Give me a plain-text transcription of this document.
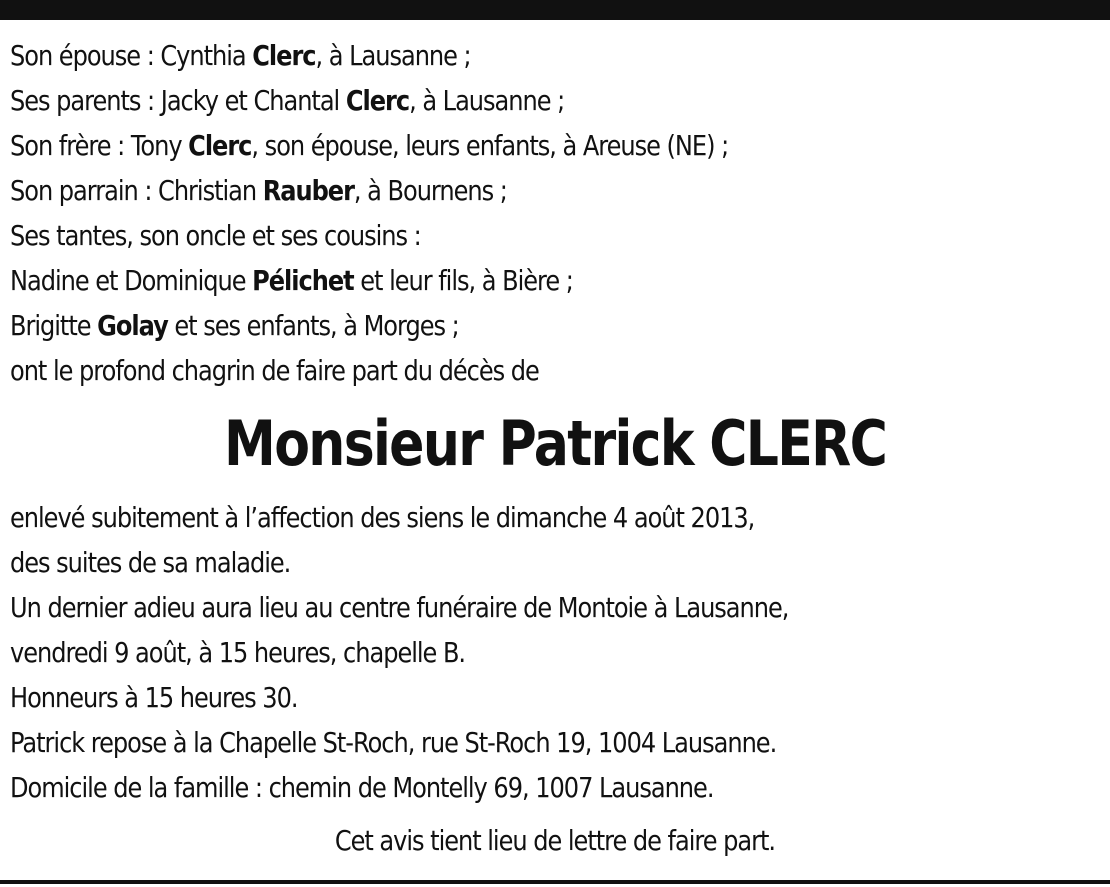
Son épouse : Cynthia Clerc, à Lausanne ;
Ses parents : Jacky et Chantal Clerc, à Lausanne ;
Son frère : Tony Clerc, son épouse, leurs enfants, à Areuse (NE) ;
Son parrain : Christian Rauber, à Bournens ;
Ses tantes, son oncle et ses cousins :
Nadine et Dominique Pélichet et leur fils, à Bière ;
Brigitte Golay et ses enfants, à Morges ;
ont le profond chagrin de faire part du décès de
Monsieur Patrick CLERC
enlevé subitement à l’affection des siens le dimanche 4 août 2013,
des suites de sa maladie.
Un dernier adieu aura lieu au centre funéraire de Montoie à Lausanne,
vendredi 9 août, à 15 heures, chapelle B.
Honneurs à 15 heures 30.
Patrick repose à la Chapelle St-Roch, rue St-Roch 19, 1004 Lausanne.
Domicile de la famille : chemin de Montelly 69, 1007 Lausanne.
Cet avis tient lieu de lettre de faire part.
